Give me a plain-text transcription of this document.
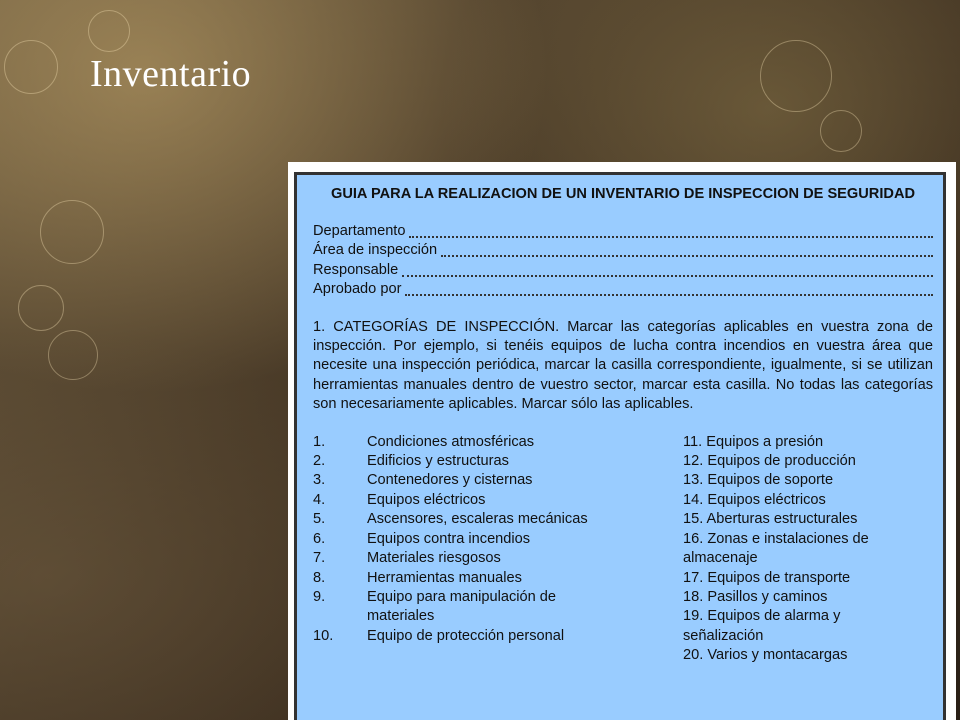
Inventario
GUIA PARA LA REALIZACION DE UN INVENTARIO DE INSPECCION DE SEGURIDAD
Departamento
Área de inspección
Responsable
Aprobado por
1. CATEGORÍAS DE INSPECCIÓN. Marcar las categorías aplicables en vuestra zona de inspección. Por ejemplo, si tenéis equipos de lucha contra incendios en vuestra área que necesite una inspección periódica, marcar la casilla correspondiente, igualmente, si se utilizan herramientas manuales dentro de vuestro sector, marcar esta casilla. No todas las categorías son necesariamente aplicables. Marcar sólo las aplicables.
1.	Condiciones atmosféricas
2.	Edificios y estructuras
3.	Contenedores y cisternas
4.	Equipos eléctricos
5.	Ascensores, escaleras mecánicas
6.	Equipos contra incendios
7.	Materiales riesgosos
8.	Herramientas manuales
9.	Equipo para manipulación de materiales
10.	Equipo de protección personal
11. Equipos a presión
12. Equipos de producción
13. Equipos de soporte
14. Equipos eléctricos
15. Aberturas estructurales
16. Zonas e instalaciones de almacenaje
17. Equipos de transporte
18. Pasillos y caminos
19. Equipos de alarma y señalización
20. Varios y montacargas
